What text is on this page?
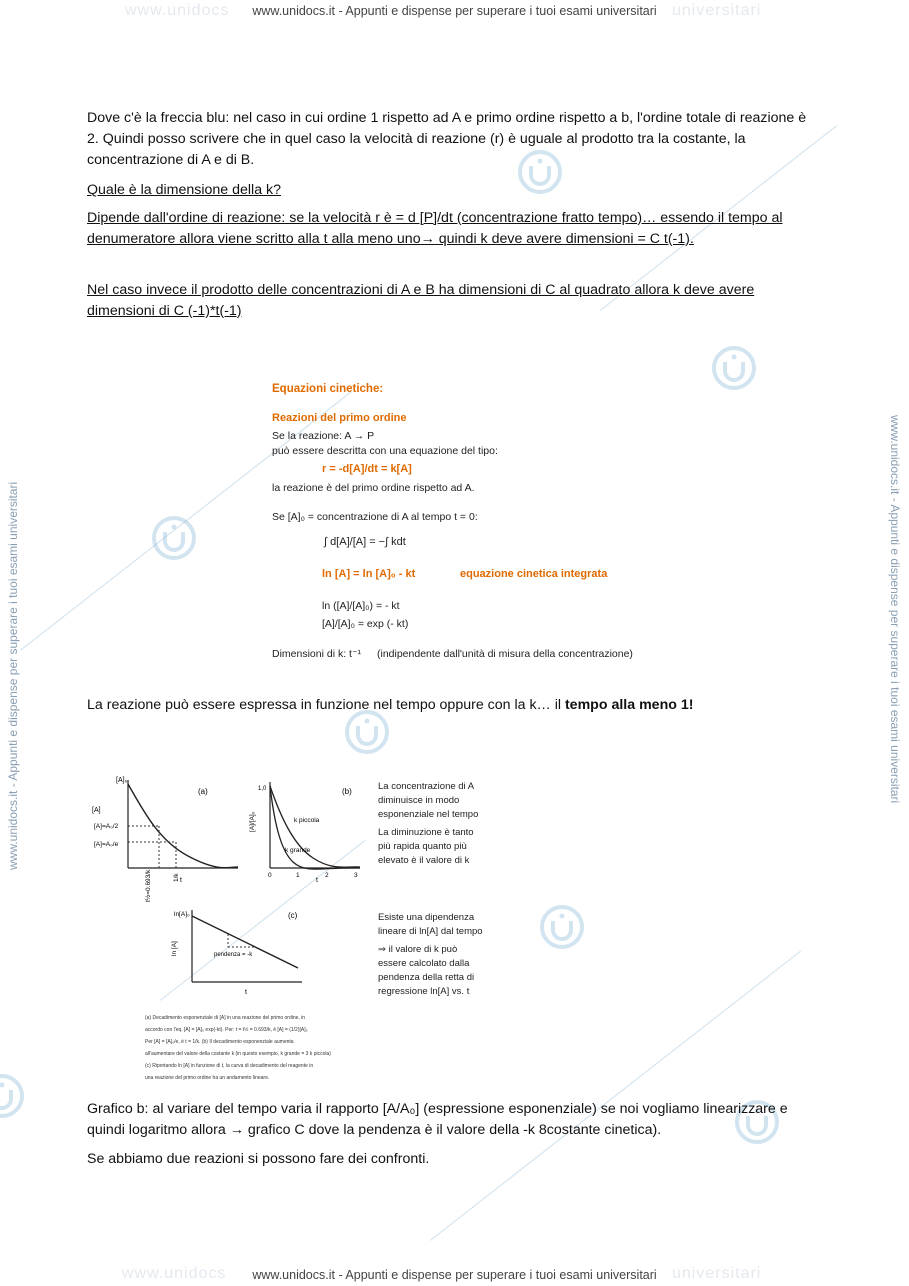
www.unidocs	universitari
www.unidocs.it - Appunti e dispense per superare i tuoi esami universitari
www.unidocs	universitari
www.unidocs.it - Appunti e dispense per superare i tuoi esami universitari
www.unidocs.it - Appunti e dispense per superare i tuoi esami universitari	www.unidocs.it - Appunti e dispense per superare i tuoi esami universitari

Dove c'è la freccia blu: nel caso in cui ordine 1 rispetto ad A e primo ordine rispetto a b, l'ordine totale di reazione è 2. Quindi posso scrivere che in quel caso la velocità di reazione (r) è uguale al prodotto tra la costante, la concentrazione di A e di B.

Quale è la dimensione della k?

Dipende dall'ordine di reazione: se la velocità r è = d [P]/dt (concentrazione fratto tempo)… essendo il tempo al denumeratore allora viene scritto alla t alla meno uno→ quindi k deve avere dimensioni = C t(-1).

Nel caso invece il prodotto delle concentrazioni di A e B ha dimensioni di C al quadrato allora k deve avere dimensioni di C (-1)*t(-1)

Equazioni cinetiche:
Reazioni del primo ordine
Se la reazione: A → P
può essere descritta con una equazione del tipo:
r = -d[A]/dt = k[A]
la reazione è del primo ordine rispetto ad A.
Se [A]₀ = concentrazione di A al tempo t = 0:
∫ d[A]/[A] = −∫ kdt
ln [A] = ln [A]₀ - kt	equazione cinetica integrata
ln ([A]/[A]₀) = - kt
[A]/[A]₀ = exp (- kt)
Dimensioni di k: t⁻¹ (indipendente dall'unità di misura della concentrazione)

La reazione può essere espressa in funzione nel tempo oppure con la k… il tempo alla meno 1!

(a)
[A]₀
[A]
[A]=A₀/2
[A]=A₀/e
t
t½=0.693/k	1/k
(b)
[A]/[A]₀
1,0
k piccola
k grande
0	1	2	3
t
(c)
ln[A]₀
ln [A]	pendenza = -k
t
La concentrazione di A
diminuisce in modo
esponenziale nel tempo
La diminuzione è tanto
più rapida quanto più
elevato è il valore di k
Esiste una dipendenza
lineare di ln[A] dal tempo
⇒ il valore di k può
essere calcolato dalla
pendenza della retta di
regressione ln[A] vs. t
(a) Decadimento esponenziale di [A] in una reazione del primo ordine, in
accordo con l'eq. [A] = [A]₀ exp(-kt). Per: t = t½ = 0.693/k, è [A] = (1/2)[A]₀
Per [A] = [A]₀/e, è t = 1/k. (b) Il decadimento esponenziale aumenta
all'aumentare del valore della costante k (in questo esempio, k grande = 3 k piccola)
(c) Riportando ln [A] in funzione di t, la curva di decadimento del reagente in
una reazione del primo ordine ha un andamento lineare.

Grafico b: al variare del tempo varia il rapporto [A/A₀] (espressione esponenziale) se noi vogliamo linearizzare e quindi logaritmo allora → grafico C dove la pendenza è il valore della -k 8costante cinetica).

Se abbiamo due reazioni si possono fare dei confronti.
